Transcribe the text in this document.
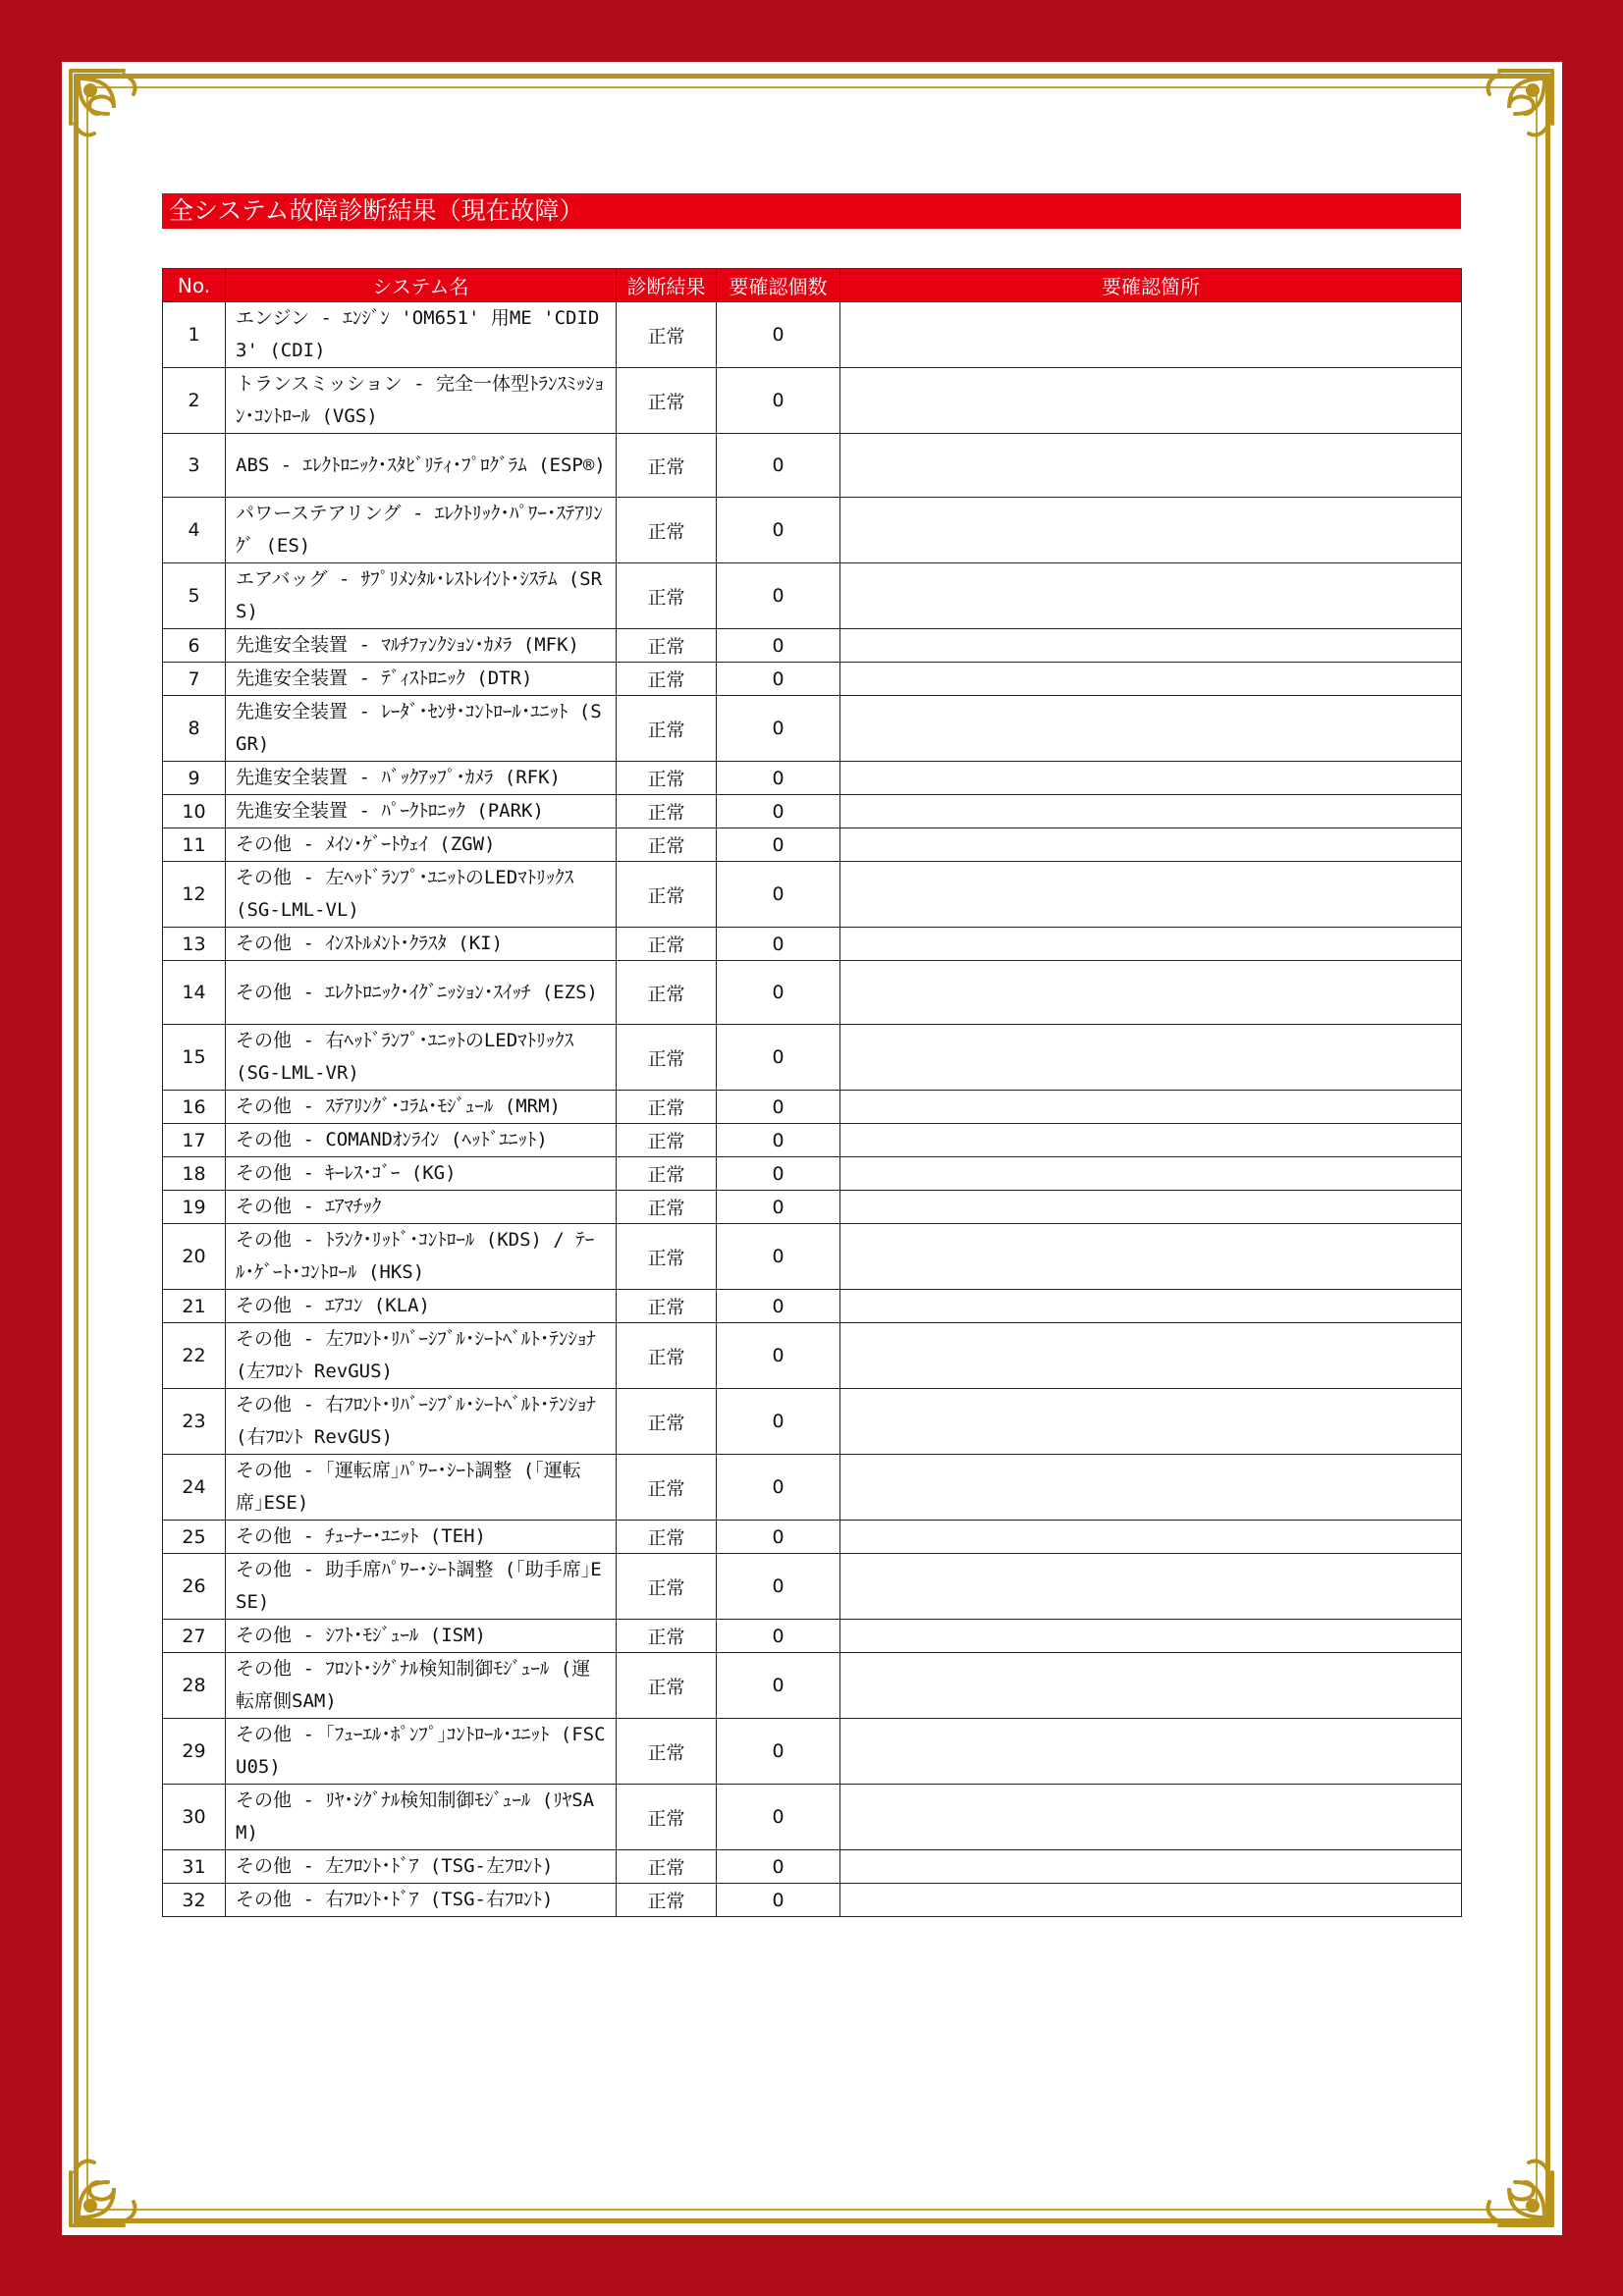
全システム故障診断結果（現在故障）
No.	システム名	診断結果	要確認個数	要確認箇所
1	エンジン - ｴﾝｼﾞﾝ 'OM651' 用ME 'CDID3' (CDI)	正常	0	
2	トランスミッション - 完全一体型ﾄﾗﾝｽﾐｯｼｮﾝ･ｺﾝﾄﾛｰﾙ (VGS)	正常	0	
3	ABS - ｴﾚｸﾄﾛﾆｯｸ･ｽﾀﾋﾞﾘﾃｨ･ﾌﾟﾛｸﾞﾗﾑ (ESP®)	正常	0	
4	パワーステアリング - ｴﾚｸﾄﾘｯｸ･ﾊﾟﾜｰ･ｽﾃｱﾘﾝｸﾞ (ES)	正常	0	
5	エアバッグ - ｻﾌﾟﾘﾒﾝﾀﾙ･ﾚｽﾄﾚｲﾝﾄ･ｼｽﾃﾑ (SRS)	正常	0	
6	先進安全装置 - ﾏﾙﾁﾌｧﾝｸｼｮﾝ･ｶﾒﾗ (MFK)	正常	0	
7	先進安全装置 - ﾃﾞｨｽﾄﾛﾆｯｸ (DTR)	正常	0	
8	先進安全装置 - ﾚｰﾀﾞ･ｾﾝｻ･ｺﾝﾄﾛｰﾙ･ﾕﾆｯﾄ (SGR)	正常	0	
9	先進安全装置 - ﾊﾞｯｸｱｯﾌﾟ･ｶﾒﾗ (RFK)	正常	0	
10	先進安全装置 - ﾊﾟｰｸﾄﾛﾆｯｸ (PARK)	正常	0	
11	その他 - ﾒｲﾝ･ｹﾞｰﾄｳｪｲ (ZGW)	正常	0	
12	その他 - 左ﾍｯﾄﾞﾗﾝﾌﾟ･ﾕﾆｯﾄのLEDﾏﾄﾘｯｸｽ (SG-LML-VL)	正常	0	
13	その他 - ｲﾝｽﾄﾙﾒﾝﾄ･ｸﾗｽﾀ (KI)	正常	0	
14	その他 - ｴﾚｸﾄﾛﾆｯｸ･ｲｸﾞﾆｯｼｮﾝ･ｽｲｯﾁ (EZS)	正常	0	
15	その他 - 右ﾍｯﾄﾞﾗﾝﾌﾟ･ﾕﾆｯﾄのLEDﾏﾄﾘｯｸｽ (SG-LML-VR)	正常	0	
16	その他 - ｽﾃｱﾘﾝｸﾞ･ｺﾗﾑ･ﾓｼﾞｭｰﾙ (MRM)	正常	0	
17	その他 - COMANDｵﾝﾗｲﾝ (ﾍｯﾄﾞﾕﾆｯﾄ)	正常	0	
18	その他 - ｷｰﾚｽ･ｺﾞｰ (KG)	正常	0	
19	その他 - ｴｱﾏﾁｯｸ	正常	0	
20	その他 - ﾄﾗﾝｸ･ﾘｯﾄﾞ･ｺﾝﾄﾛｰﾙ (KDS) / ﾃｰﾙ･ｹﾞｰﾄ･ｺﾝﾄﾛｰﾙ (HKS)	正常	0	
21	その他 - ｴｱｺﾝ (KLA)	正常	0	
22	その他 - 左ﾌﾛﾝﾄ･ﾘﾊﾞｰｼﾌﾞﾙ･ｼｰﾄﾍﾞﾙﾄ･ﾃﾝｼｮﾅ (左ﾌﾛﾝﾄ RevGUS)	正常	0	
23	その他 - 右ﾌﾛﾝﾄ･ﾘﾊﾞｰｼﾌﾞﾙ･ｼｰﾄﾍﾞﾙﾄ･ﾃﾝｼｮﾅ (右ﾌﾛﾝﾄ RevGUS)	正常	0	
24	その他 - ｢運転席｣ﾊﾟﾜｰ･ｼｰﾄ調整 (｢運転席｣ESE)	正常	0	
25	その他 - ﾁｭｰﾅｰ･ﾕﾆｯﾄ (TEH)	正常	0	
26	その他 - 助手席ﾊﾟﾜｰ･ｼｰﾄ調整 (｢助手席｣ESE)	正常	0	
27	その他 - ｼﾌﾄ･ﾓｼﾞｭｰﾙ (ISM)	正常	0	
28	その他 - ﾌﾛﾝﾄ･ｼｸﾞﾅﾙ検知制御ﾓｼﾞｭｰﾙ (運転席側SAM)	正常	0	
29	その他 - ｢ﾌｭｰｴﾙ･ﾎﾟﾝﾌﾟ｣ｺﾝﾄﾛｰﾙ･ﾕﾆｯﾄ (FSCU05)	正常	0	
30	その他 - ﾘﾔ･ｼｸﾞﾅﾙ検知制御ﾓｼﾞｭｰﾙ (ﾘﾔSAM)	正常	0	
31	その他 - 左ﾌﾛﾝﾄ･ﾄﾞｱ (TSG-左ﾌﾛﾝﾄ)	正常	0	
32	その他 - 右ﾌﾛﾝﾄ･ﾄﾞｱ (TSG-右ﾌﾛﾝﾄ)	正常	0	
